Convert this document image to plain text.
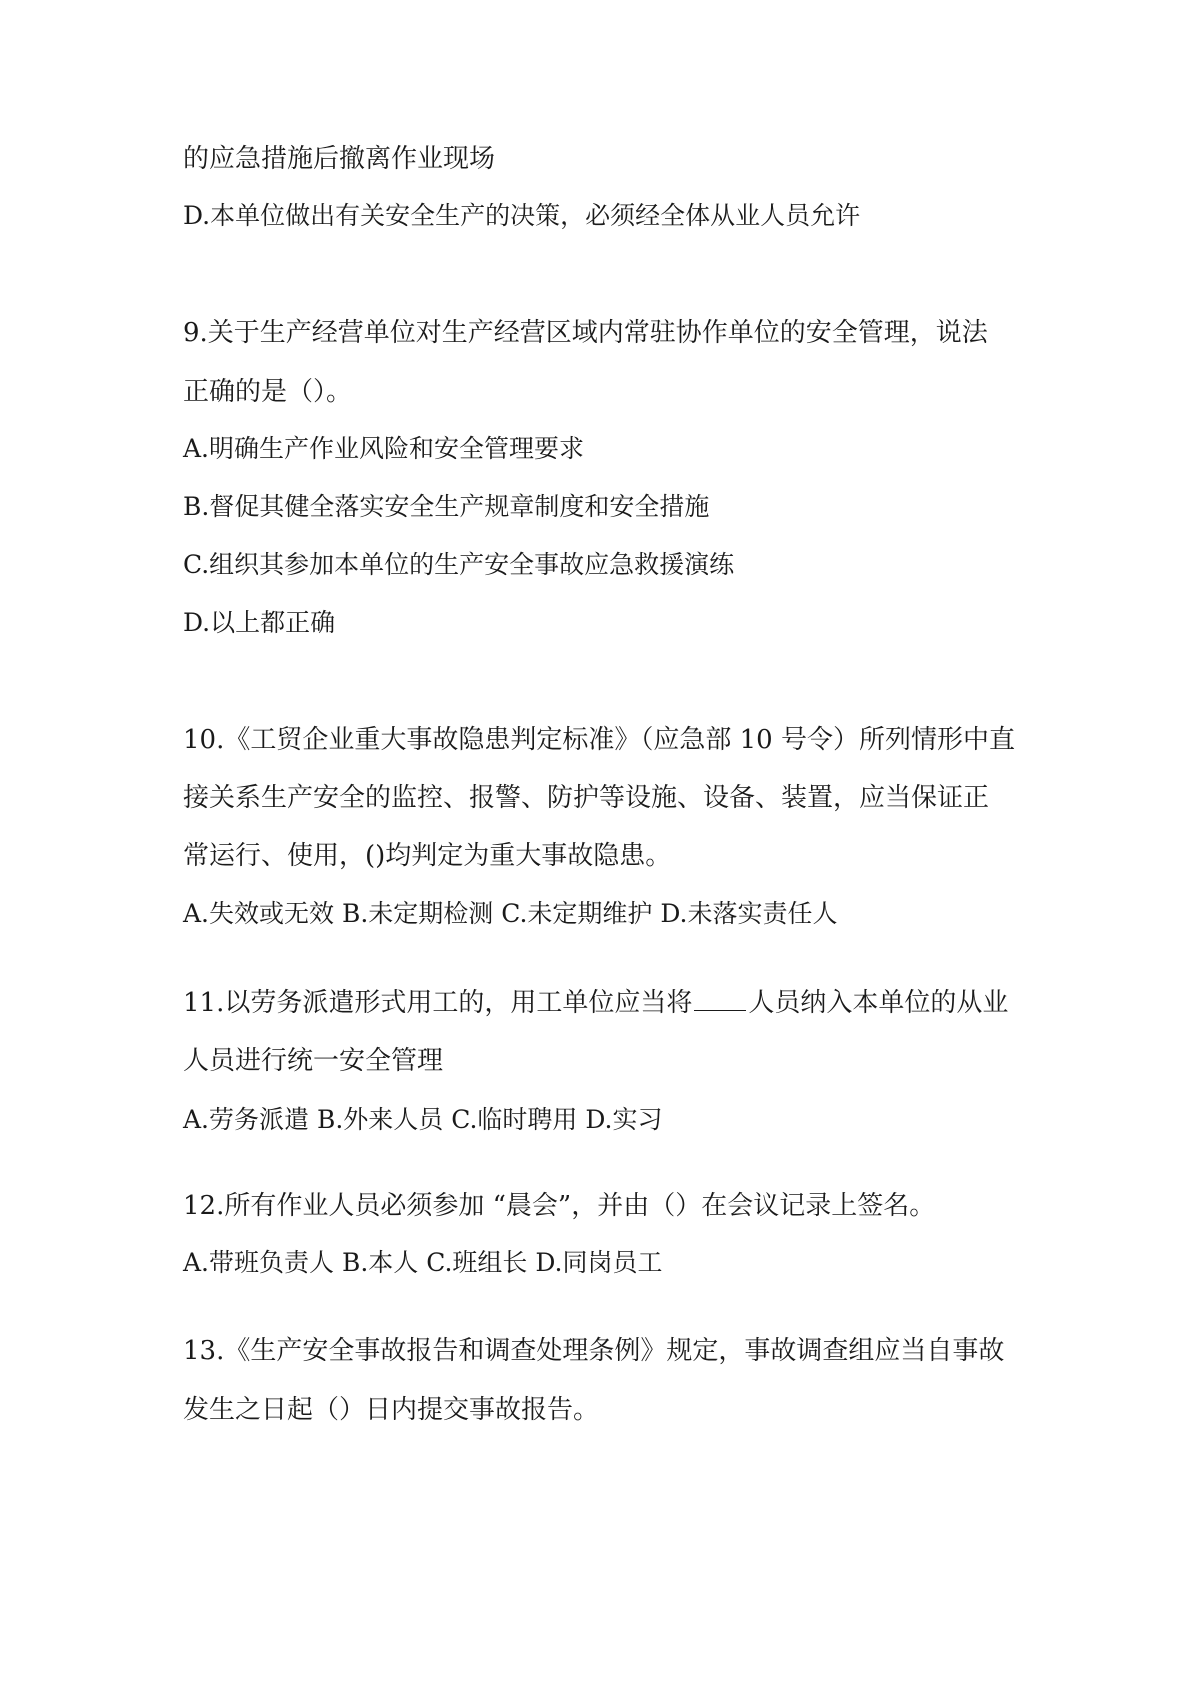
的应急措施后撤离作业现场
D.本单位做出有关安全生产的决策，必须经全体从业人员允许
9.关于生产经营单位对生产经营区域内常驻协作单位的安全管理，说法
正确的是（）。
A.明确生产作业风险和安全管理要求
B.督促其健全落实安全生产规章制度和安全措施
C.组织其参加本单位的生产安全事故应急救援演练
D.以上都正确
10.《工贸企业重大事故隐患判定标准》（应急部 10 号令）所列情形中直
接关系生产安全的监控、报警、防护等设施、设备、装置，应当保证正
常运行、使用，()均判定为重大事故隐患。
A.失效或无效 B.未定期检测 C.未定期维护 D.未落实责任人
11.以劳务派遣形式用工的，用工单位应当将 人员纳入本单位的从业
人员进行统一安全管理
A.劳务派遣 B.外来人员 C.临时聘用 D.实习
12.所有作业人员必须参加 “晨会”，并由（）在会议记录上签名。
A.带班负责人 B.本人 C.班组长 D.同岗员工
13.《生产安全事故报告和调查处理条例》规定，事故调查组应当自事故
发生之日起（）日内提交事故报告。
